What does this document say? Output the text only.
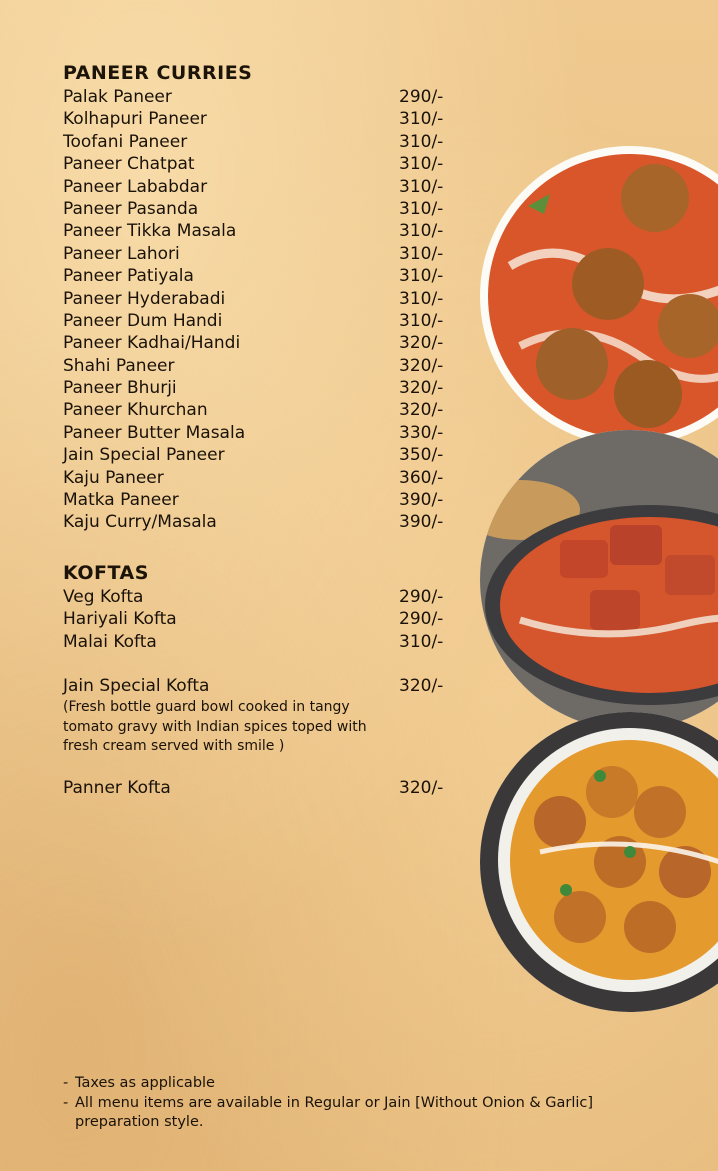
PANEER CURRIES
Palak Paneer	290/-
Kolhapuri Paneer	310/-
Toofani Paneer	310/-
Paneer Chatpat	310/-
Paneer Lababdar	310/-
Paneer Pasanda	310/-
Paneer Tikka Masala	310/-
Paneer Lahori	310/-
Paneer Patiyala	310/-
Paneer Hyderabadi	310/-
Paneer Dum Handi	310/-
Paneer Kadhai/Handi	320/-
Shahi Paneer	320/-
Paneer Bhurji	320/-
Paneer Khurchan	320/-
Paneer Butter Masala	330/-
Jain Special Paneer	350/-
Kaju Paneer	360/-
Matka Paneer	390/-
Kaju Curry/Masala	390/-
KOFTAS
Veg Kofta	290/-
Hariyali Kofta	290/-
Malai Kofta	310/-
Jain Special Kofta	320/-
(Fresh bottle guard bowl cooked in tangy tomato gravy with Indian spices toped with fresh cream served with smile )
Panner Kofta	320/-
- Taxes as applicable
- All menu items are available in Regular or Jain [Without Onion & Garlic] preparation style.
